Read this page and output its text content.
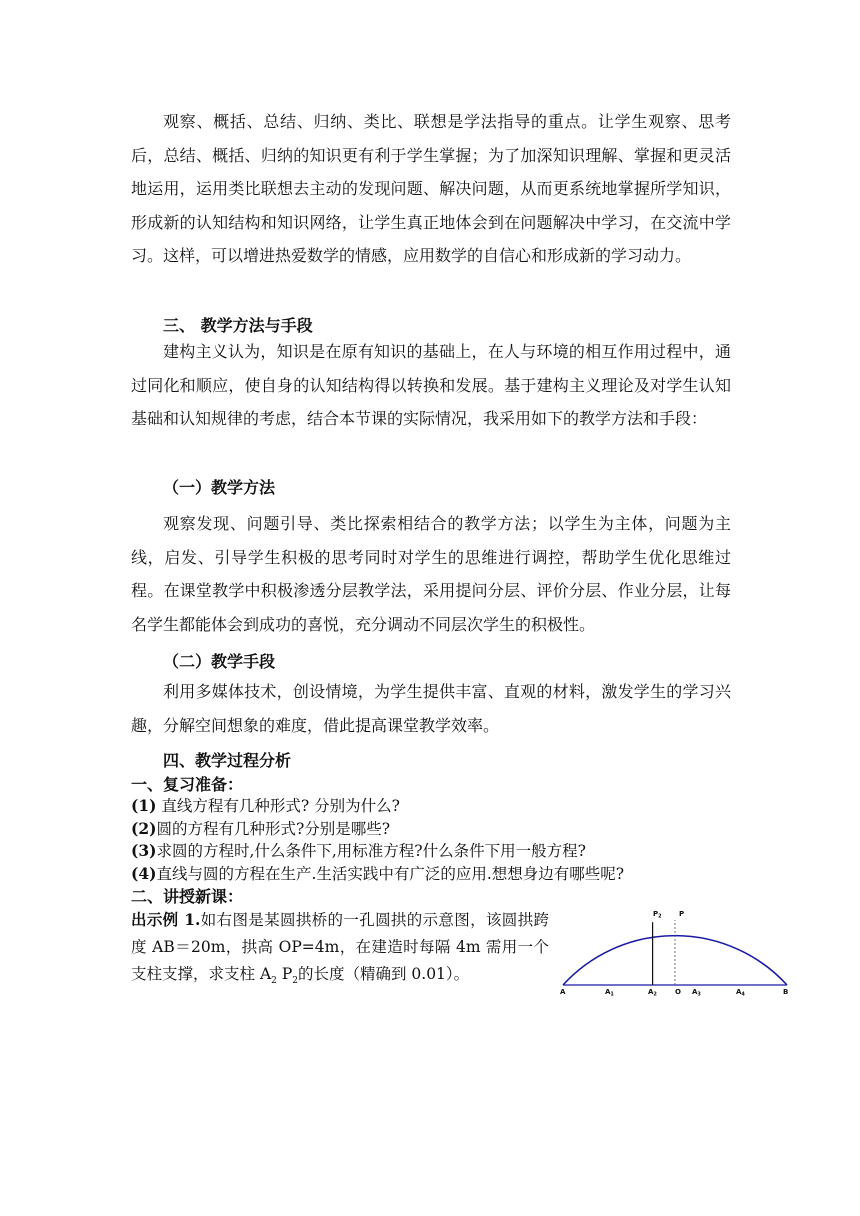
观察、概括、总结、归纳、类比、联想是学法指导的重点。让学生观察、思考后，总结、概括、归纳的知识更有利于学生掌握；为了加深知识理解、掌握和更灵活地运用，运用类比联想去主动的发现问题、解决问题，从而更系统地掌握所学知识，形成新的认知结构和知识网络，让学生真正地体会到在问题解决中学习，在交流中学习。这样，可以增进热爱数学的情感，应用数学的自信心和形成新的学习动力。

三、 教学方法与手段

建构主义认为，知识是在原有知识的基础上，在人与环境的相互作用过程中，通过同化和顺应，使自身的认知结构得以转换和发展。基于建构主义理论及对学生认知基础和认知规律的考虑，结合本节课的实际情况，我采用如下的教学方法和手段：

（一）教学方法

观察发现、问题引导、类比探索相结合的教学方法；以学生为主体，问题为主线，启发、引导学生积极的思考同时对学生的思维进行调控，帮助学生优化思维过程。在课堂教学中积极渗透分层教学法，采用提问分层、评价分层、作业分层，让每名学生都能体会到成功的喜悦，充分调动不同层次学生的积极性。

（二）教学手段

利用多媒体技术，创设情境，为学生提供丰富、直观的材料，激发学生的学习兴趣，分解空间想象的难度，借此提高课堂教学效率。

四、教学过程分析

一、复习准备：

(1) 直线方程有几种形式? 分别为什么?
(2)圆的方程有几种形式?分别是哪些?
(3)求圆的方程时,什么条件下,用标准方程?什么条件下用一般方程?
(4)直线与圆的方程在生产.生活实践中有广泛的应用.想想身边有哪些呢?

二、讲授新课：

出示例 1.如右图是某圆拱桥的一孔圆拱的示意图，该圆拱跨度 AB＝20m，拱高 OP=4m，在建造时每隔 4m 需用一个支柱支撑，求支柱 $A_2$ $P_2$的长度（精确到 0.01）。

$P_2$ P
A	$A_1$	$A_2$	O $A_3$	$A_4$	B
